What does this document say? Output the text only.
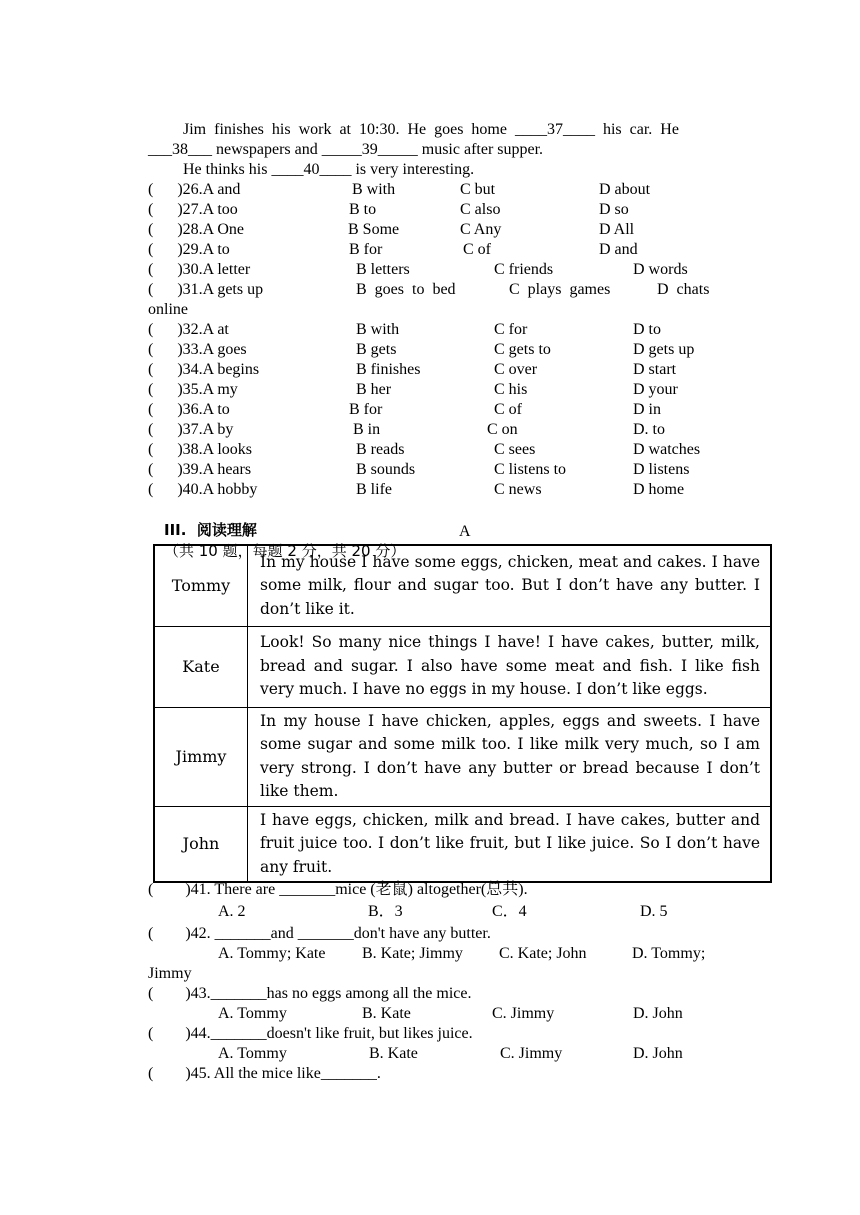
Jim  finishes  his  work  at  10:30.  He  goes  home  ____37____  his  car.  He
___38___ newspapers and _____39_____ music after supper.
He thinks his ____40____ is very interesting.
(      )26.A and	B with	C but	D about
(      )27.A too	B to	C also	D so
(      )28.A One	B Some	C Any	D All
(      )29.A to	B for	C of	D and
(      )30.A letter	B letters	C friends	D words
(      )31.A gets up	B  goes  to  bed	C  plays  games	D  chats
online
(      )32.A at	B with	C for	D to
(      )33.A goes	B gets	C gets to	D gets up
(      )34.A begins	B finishes	C over	D start
(      )35.A my	B her	C his	D your
(      )36.A to	B for	C of	D in
(      )37.A by	B in	C on	D. to
(      )38.A looks	B reads	C sees	D watches
(      )39.A hears	B sounds	C listens to	D listens
(      )40.A hobby	B life	C news	D home

III.  阅读理解
（共 10 题，每题 2 分，共 20 分）

A
Tommy	In my house I have some eggs, chicken, meat and cakes. I have some milk, flour and sugar too. But I don’t have any butter. I don’t like it.
Kate	Look! So many nice things I have! I have cakes, butter, milk, bread and sugar. I also have some meat and fish. I like fish very much. I have no eggs in my house. I don’t like eggs.
Jimmy	In my house I have chicken, apples, eggs and sweets. I have some sugar and some milk too. I like milk very much, so I am very strong. I don’t have any butter or bread because I don’t like them.
John	I have eggs, chicken, milk and bread. I have cakes, butter and fruit juice too. I don’t like fruit, but I like juice. So I don’t have any fruit.
(        )41. There are _______mice (老鼠) altogether(总共).
A. 2	B．3	C．4	D. 5
(        )42. _______and _______don't have any butter.
A. Tommy; Kate B. Kate; Jimmy C. Kate; John	D. Tommy;
Jimmy
(        )43._______has no eggs among all the mice.
A. Tommy	B. Kate	C. Jimmy	D. John
(        )44._______doesn't like fruit, but likes juice.
A. Tommy	B. Kate	C. Jimmy	D. John
(        )45. All the mice like_______.
